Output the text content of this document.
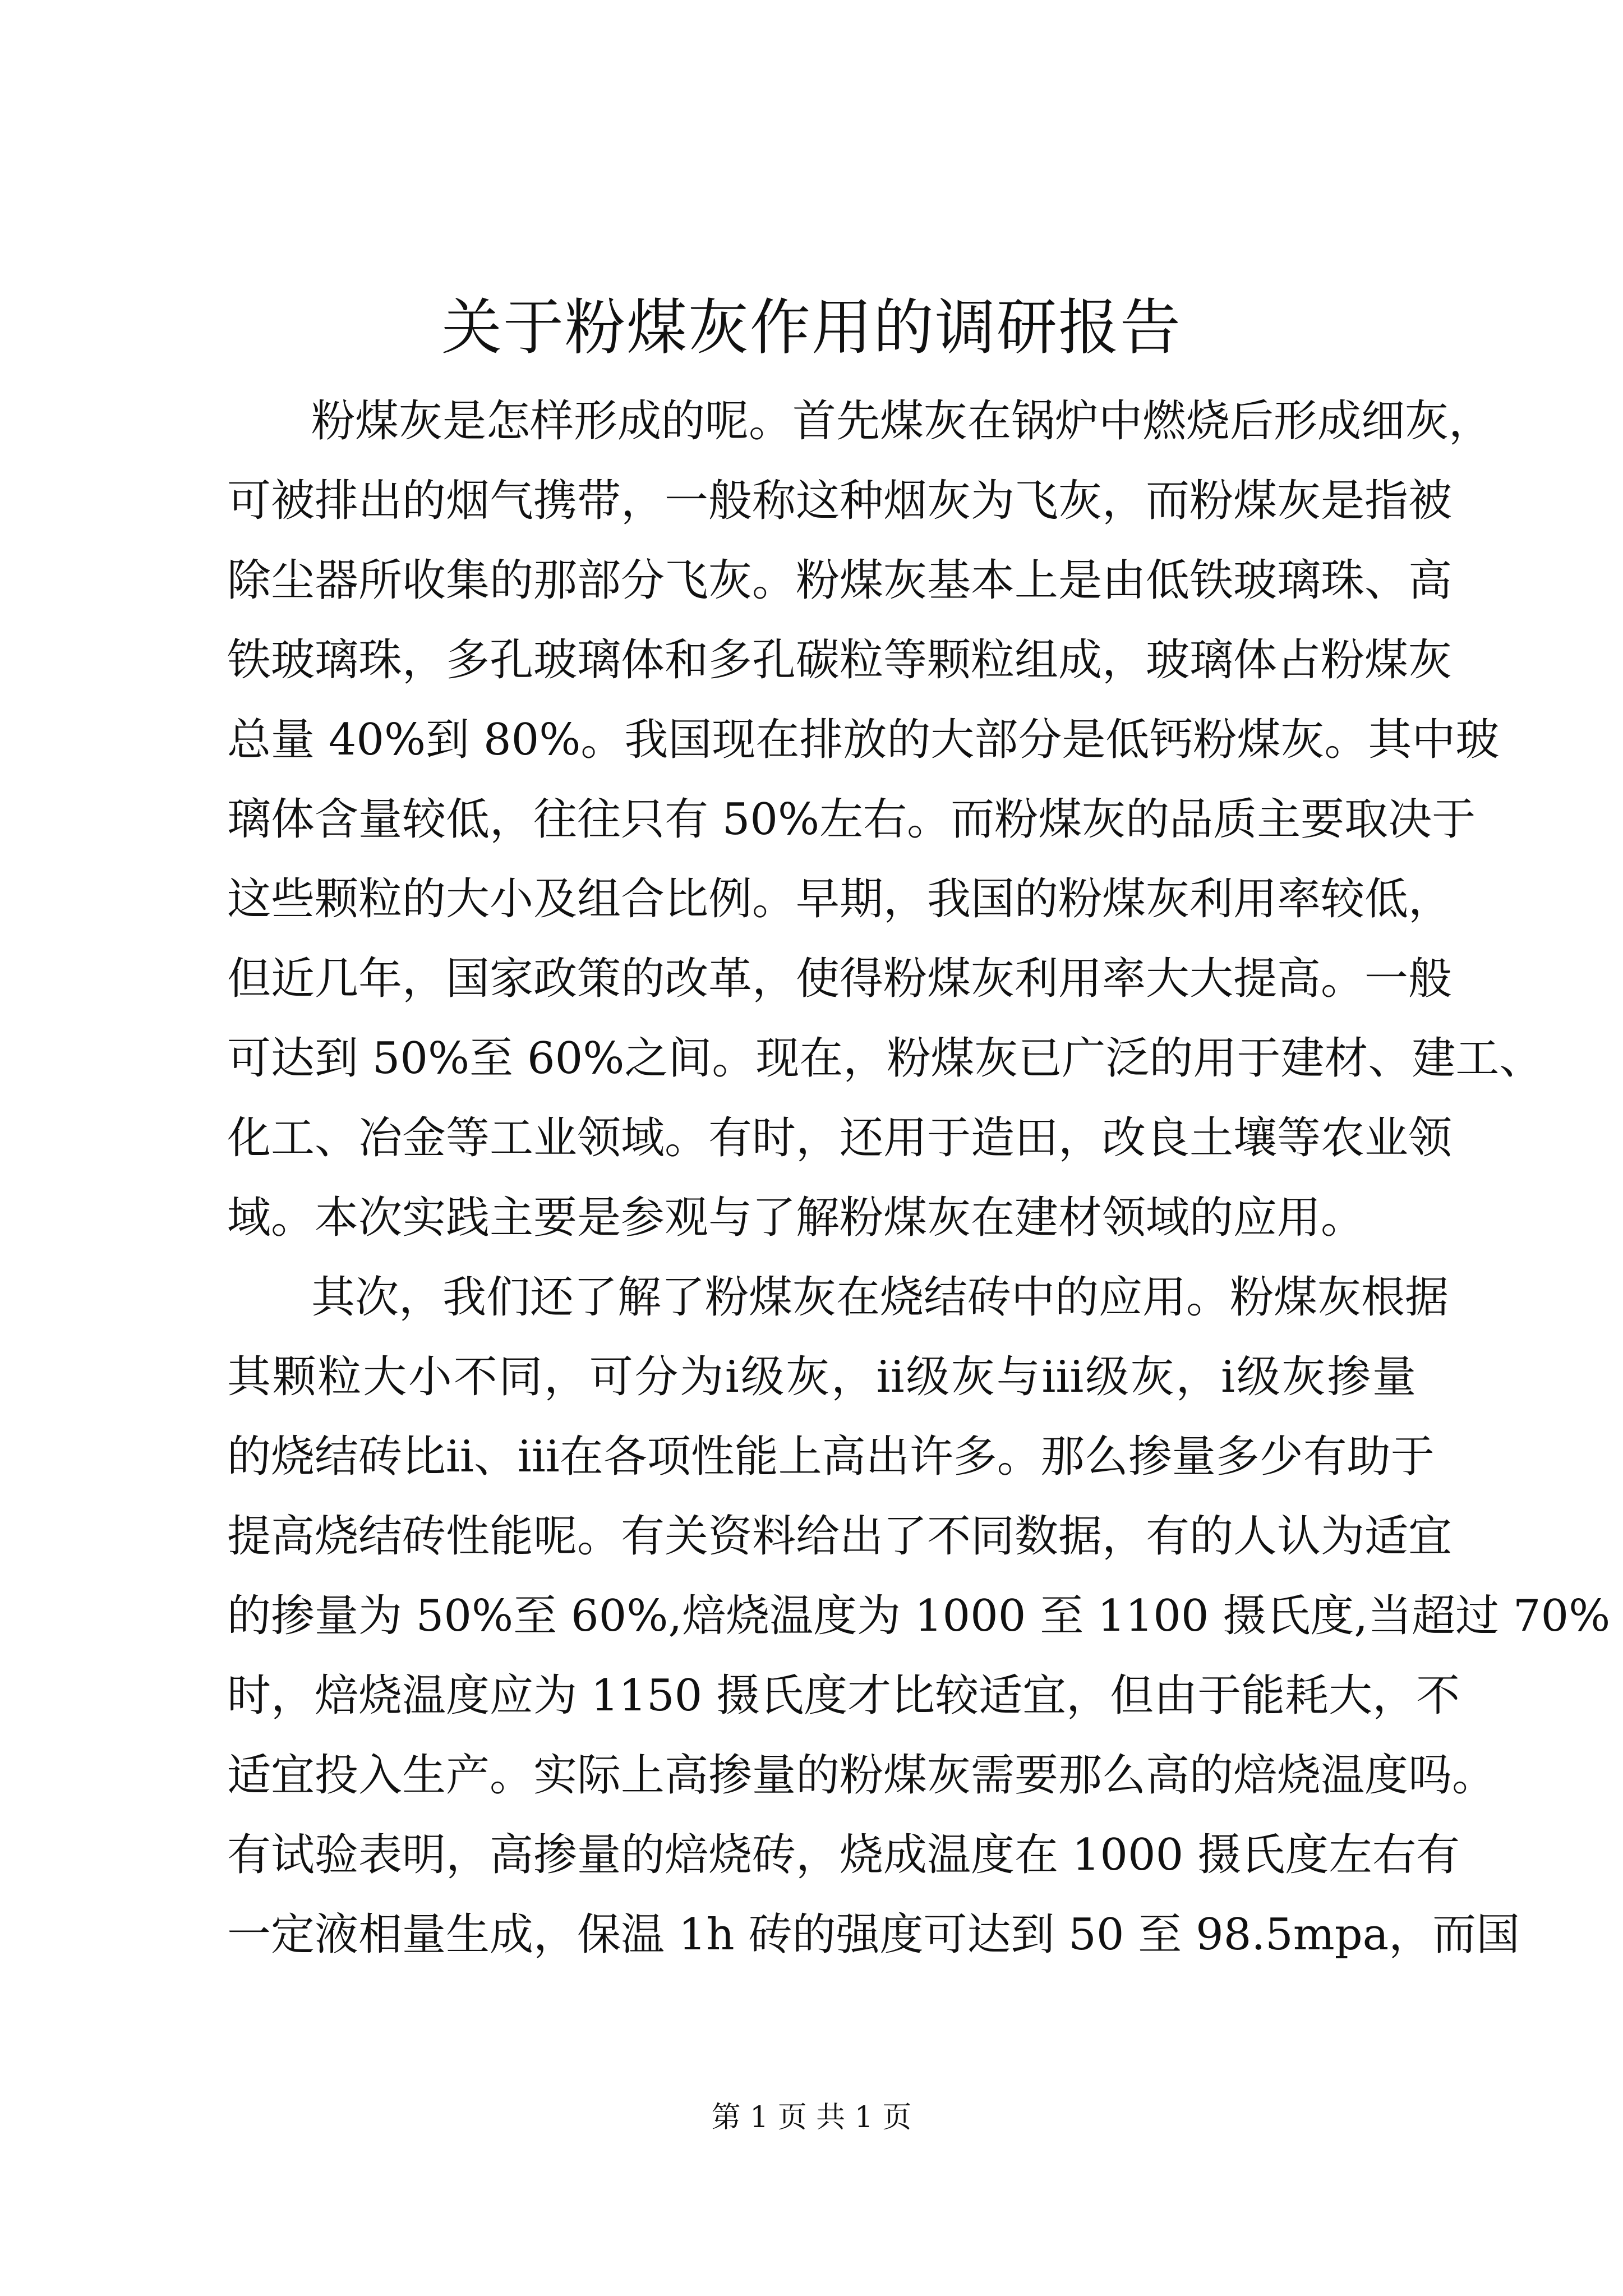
关于粉煤灰作用的调研报告
粉煤灰是怎样形成的呢。首先煤灰在锅炉中燃烧后形成细灰，
可被排出的烟气携带，一般称这种烟灰为飞灰，而粉煤灰是指被
除尘器所收集的那部分飞灰。粉煤灰基本上是由低铁玻璃珠、高
铁玻璃珠，多孔玻璃体和多孔碳粒等颗粒组成，玻璃体占粉煤灰
总量 40%到 80%。我国现在排放的大部分是低钙粉煤灰。其中玻
璃体含量较低，往往只有 50%左右。而粉煤灰的品质主要取决于
这些颗粒的大小及组合比例。早期，我国的粉煤灰利用率较低，
但近几年，国家政策的改革，使得粉煤灰利用率大大提高。一般
可达到 50%至 60%之间。现在，粉煤灰已广泛的用于建材、建工、
化工、冶金等工业领域。有时，还用于造田，改良土壤等农业领
域。本次实践主要是参观与了解粉煤灰在建材领域的应用。
其次，我们还了解了粉煤灰在烧结砖中的应用。粉煤灰根据
其颗粒大小不同，可分为ⅰ级灰，ⅱ级灰与ⅲ级灰，ⅰ级灰掺量
的烧结砖比ⅱ、ⅲ在各项性能上高出许多。那么掺量多少有助于
提高烧结砖性能呢。有关资料给出了不同数据，有的人认为适宜
的掺量为 50%至 60%,焙烧温度为 1000 至 1100 摄氏度,当超过 70%
时，焙烧温度应为 1150 摄氏度才比较适宜，但由于能耗大，不
适宜投入生产。实际上高掺量的粉煤灰需要那么高的焙烧温度吗。
有试验表明，高掺量的焙烧砖，烧成温度在 1000 摄氏度左右有
一定液相量生成，保温 1h 砖的强度可达到 50 至 98.5mpa，而国
第 1 页 共 1 页
